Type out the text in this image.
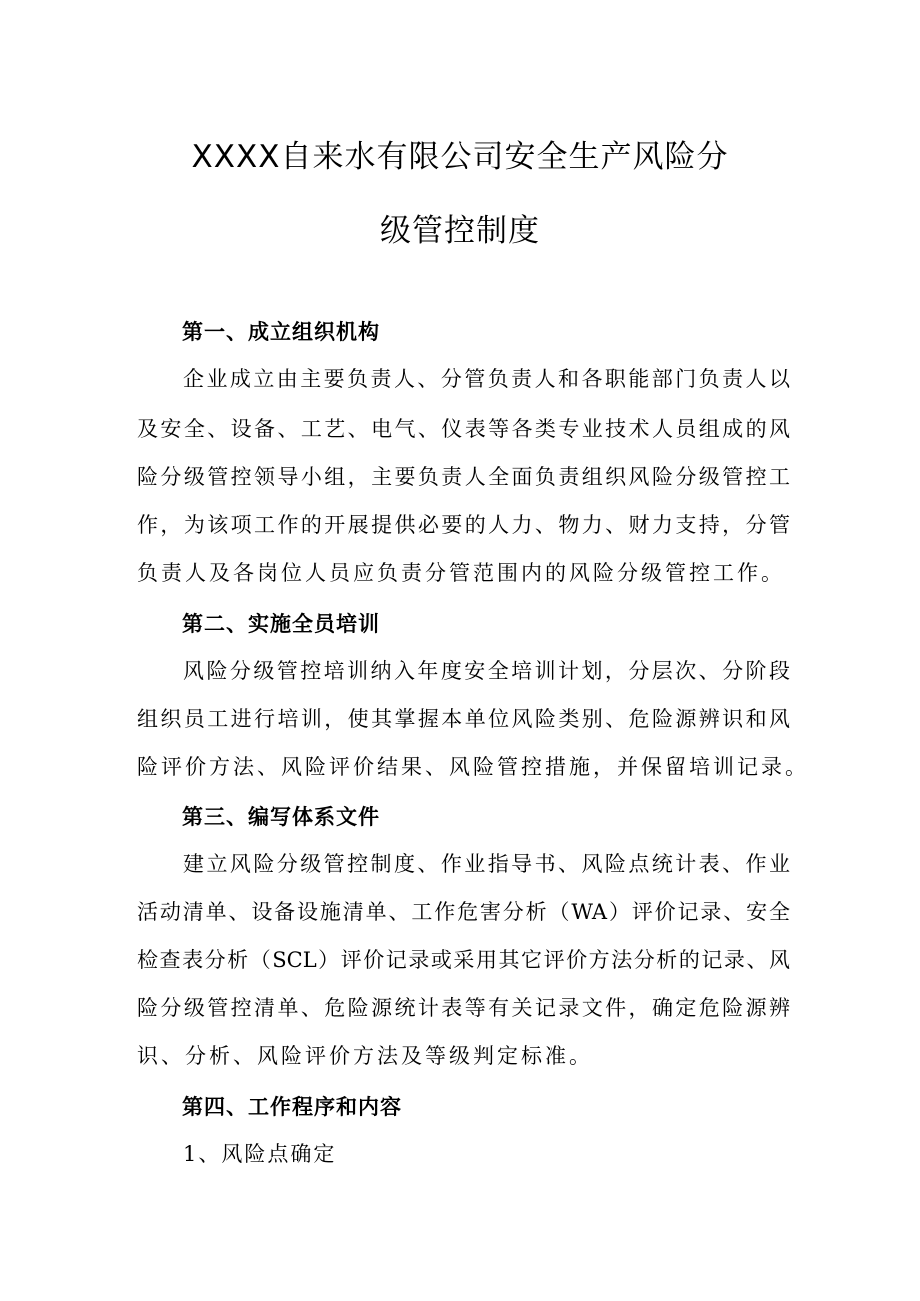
XXXX自来水有限公司安全生产风险分
级管控制度
第一、成立组织机构
企业成立由主要负责人、分管负责人和各职能部门负责人以
及安全、设备、工艺、电气、仪表等各类专业技术人员组成的风
险分级管控领导小组，主要负责人全面负责组织风险分级管控工
作，为该项工作的开展提供必要的人力、物力、财力支持，分管
负责人及各岗位人员应负责分管范围内的风险分级管控工作。
第二、实施全员培训
风险分级管控培训纳入年度安全培训计划，分层次、分阶段
组织员工进行培训，使其掌握本单位风险类别、危险源辨识和风
险评价方法、风险评价结果、风险管控措施，并保留培训记录。
第三、编写体系文件
建立风险分级管控制度、作业指导书、风险点统计表、作业
活动清单、设备设施清单、工作危害分析（WA）评价记录、安全
检查表分析（SCL）评价记录或采用其它评价方法分析的记录、风
险分级管控清单、危险源统计表等有关记录文件，确定危险源辨
识、分析、风险评价方法及等级判定标准。
第四、工作程序和内容
1、风险点确定
